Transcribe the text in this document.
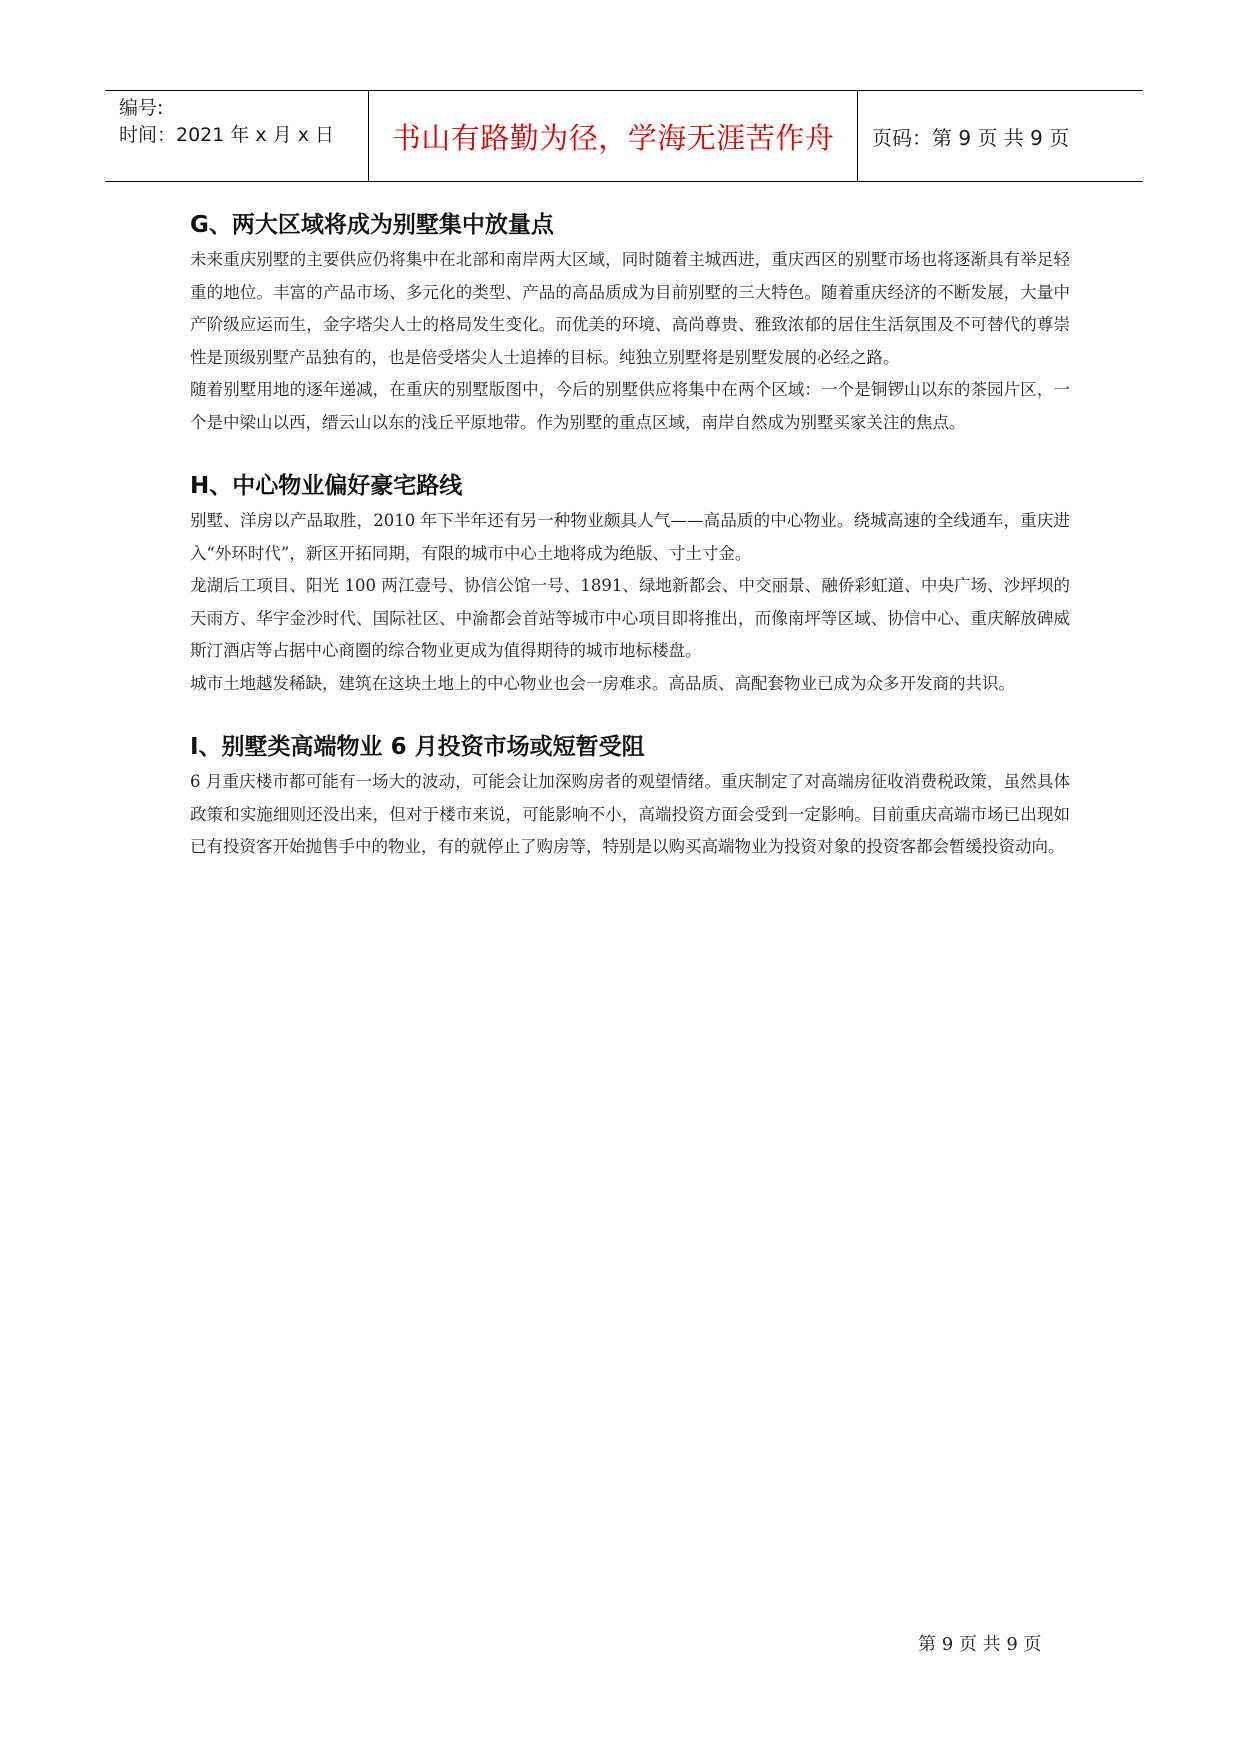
编号:
时间：2021 年 x 月 x 日	书山有路勤为径，学海无涯苦作舟 页码：第 9 页 共 9 页
G、两大区域将成为别墅集中放量点

未来重庆别墅的主要供应仍将集中在北部和南岸两大区域，同时随着主城西进，重庆西区的别墅市场也将逐渐具有举足轻重的地位。丰富的产品市场、多元化的类型、产品的高品质成为目前别墅的三大特色。随着重庆经济的不断发展，大量中产阶级应运而生，金字塔尖人士的格局发生变化。而优美的环境、高尚尊贵、雅致浓郁的居住生活氛围及不可替代的尊崇性是顶级别墅产品独有的，也是倍受塔尖人士追捧的目标。纯独立别墅将是别墅发展的必经之路。

随着别墅用地的逐年递减，在重庆的别墅版图中，今后的别墅供应将集中在两个区域：一个是铜锣山以东的茶园片区，一个是中梁山以西，缙云山以东的浅丘平原地带。作为别墅的重点区域，南岸自然成为别墅买家关注的焦点。

H、中心物业偏好豪宅路线

别墅、洋房以产品取胜，2010 年下半年还有另一种物业颇具人气——高品质的中心物业。绕城高速的全线通车，重庆进入“外环时代”，新区开拓同期，有限的城市中心土地将成为绝版、寸土寸金。

龙湖后工项目、阳光 100 两江壹号、协信公馆一号、1891、绿地新都会、中交丽景、融侨彩虹道、中央广场、沙坪坝的天雨方、华宇金沙时代、国际社区、中渝都会首站等城市中心项目即将推出，而像南坪等区域、协信中心、重庆解放碑威斯汀酒店等占据中心商圈的综合物业更成为值得期待的城市地标楼盘。

城市土地越发稀缺，建筑在这块土地上的中心物业也会一房难求。高品质、高配套物业已成为众多开发商的共识。

I、别墅类高端物业 6 月投资市场或短暂受阻

6 月重庆楼市都可能有一场大的波动，可能会让加深购房者的观望情绪。重庆制定了对高端房征收消费税政策，虽然具体政策和实施细则还没出来，但对于楼市来说，可能影响不小，高端投资方面会受到一定影响。目前重庆高端市场已出现如已有投资客开始抛售手中的物业，有的就停止了购房等，特别是以购买高端物业为投资对象的投资客都会暂缓投资动向。

第 9 页 共 9 页
